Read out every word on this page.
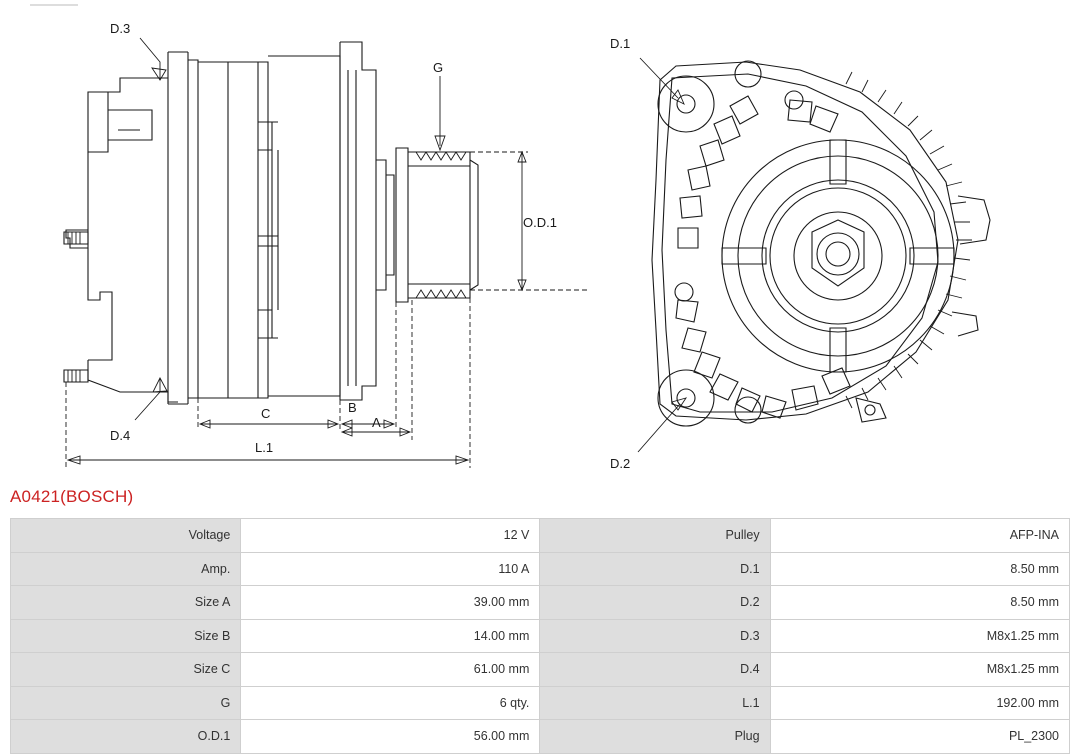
D.3
D.4
G
O.D.1
C	B
A
L.1
D.1
D.2
A0421(BOSCH)
Voltage	12 V	Pulley	AFP-INA
Amp.	110 A	D.1	8.50 mm
Size A	39.00 mm	D.2	8.50 mm
Size B	14.00 mm	D.3	M8x1.25 mm
Size C	61.00 mm	D.4	M8x1.25 mm
G	6 qty.	L.1	192.00 mm
O.D.1	56.00 mm	Plug	PL_2300
